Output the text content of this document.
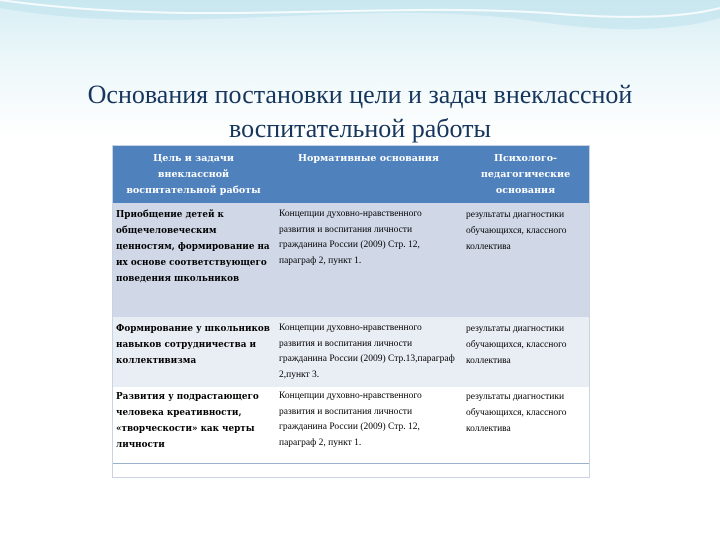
Основания постановки цели и задач внеклассной
воспитательной работы
Цель и задачи внеклассной воспитательной работы	Нормативные основания	Психолого-педагогические основания
Приобщение детей к общечеловеческим ценностям, формирование на их основе соответствующего поведения школьников	Концепции духовно-нравственного развития и воспитания личности гражданина России (2009) Стр. 12, параграф 2, пункт 1.	результаты диагностики обучающихся, классного коллектива
Формирование у школьников навыков сотрудничества и коллективизма	Концепции духовно-нравственного развития и воспитания личности гражданина России (2009) Стр.13,параграф 2,пункт 3.	результаты диагностики обучающихся, классного коллектива
Развития у подрастающего человека креативности, «творческости» как черты личности	Концепции духовно-нравственного развития и воспитания личности гражданина России (2009) Стр. 12, параграф 2, пункт 1.	результаты диагностики обучающихся, классного коллектива
